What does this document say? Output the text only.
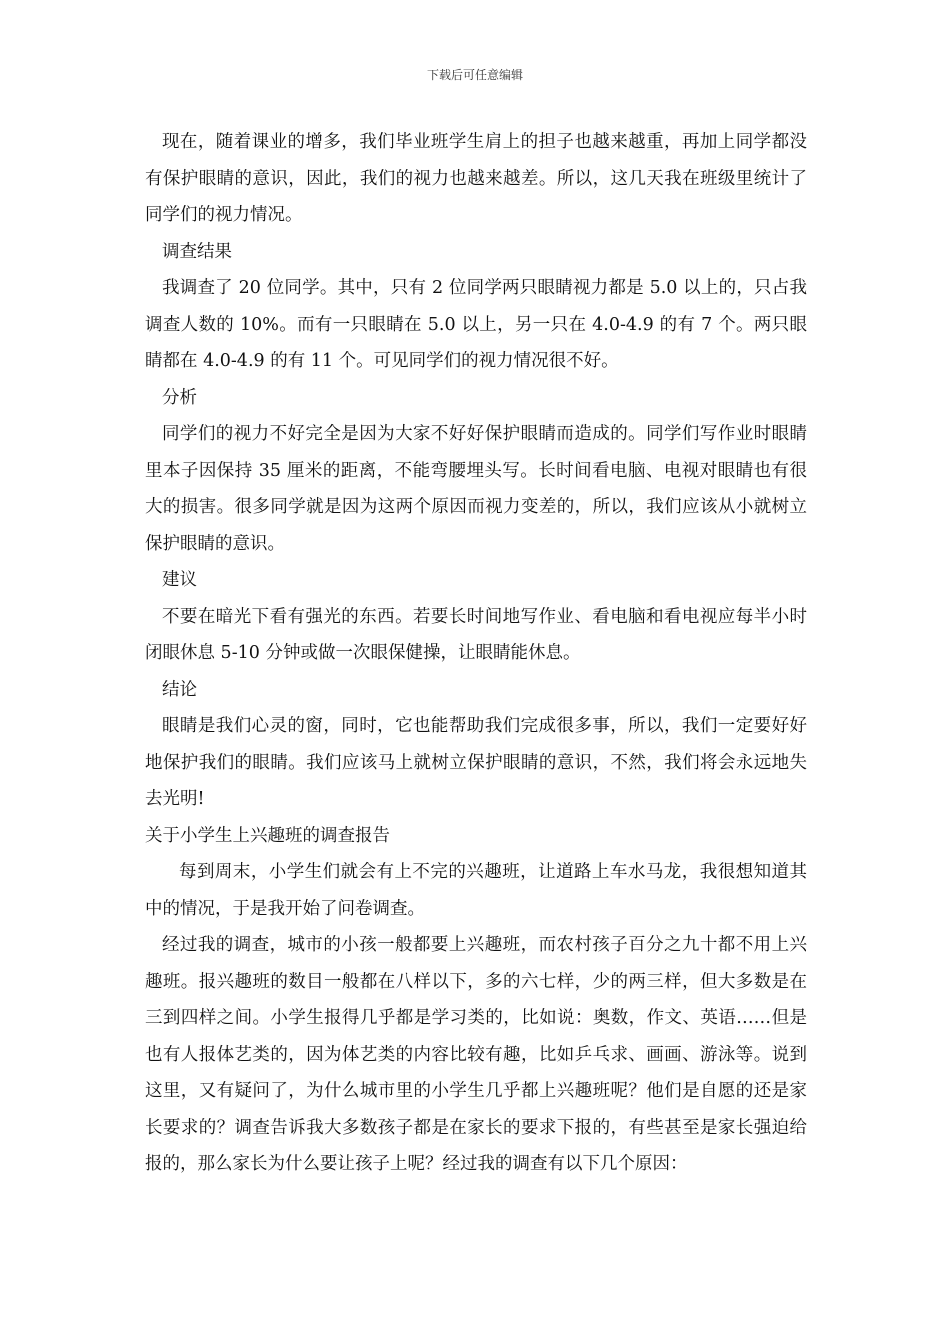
下载后可任意编辑

现在，随着课业的增多，我们毕业班学生肩上的担子也越来越重，再加上同学都没有保护眼睛的意识，因此，我们的视力也越来越差。所以，这几天我在班级里统计了同学们的视力情况。

调查结果

我调查了 20 位同学。其中，只有 2 位同学两只眼睛视力都是 5.0 以上的，只占我调查人数的 10%。而有一只眼睛在 5.0 以上，另一只在 4.0-4.9 的有 7 个。两只眼睛都在 4.0-4.9 的有 11 个。可见同学们的视力情况很不好。

分析

同学们的视力不好完全是因为大家不好好保护眼睛而造成的。同学们写作业时眼睛里本子因保持 35 厘米的距离，不能弯腰埋头写。长时间看电脑、电视对眼睛也有很大的损害。很多同学就是因为这两个原因而视力变差的，所以，我们应该从小就树立保护眼睛的意识。

建议

不要在暗光下看有强光的东西。若要长时间地写作业、看电脑和看电视应每半小时闭眼休息 5-10 分钟或做一次眼保健操，让眼睛能休息。

结论

眼睛是我们心灵的窗，同时，它也能帮助我们完成很多事，所以，我们一定要好好地保护我们的眼睛。我们应该马上就树立保护眼睛的意识，不然，我们将会永远地失去光明!

关于小学生上兴趣班的调查报告

每到周末，小学生们就会有上不完的兴趣班，让道路上车水马龙，我很想知道其中的情况，于是我开始了问卷调查。

经过我的调查，城市的小孩一般都要上兴趣班，而农村孩子百分之九十都不用上兴趣班。报兴趣班的数目一般都在八样以下，多的六七样，少的两三样，但大多数是在三到四样之间。小学生报得几乎都是学习类的，比如说：奥数，作文、英语……但是也有人报体艺类的，因为体艺类的内容比较有趣，比如乒乓求、画画、游泳等。说到这里，又有疑问了，为什么城市里的小学生几乎都上兴趣班呢？他们是自愿的还是家长要求的？调查告诉我大多数孩子都是在家长的要求下报的，有些甚至是家长强迫给报的，那么家长为什么要让孩子上呢？经过我的调查有以下几个原因：
